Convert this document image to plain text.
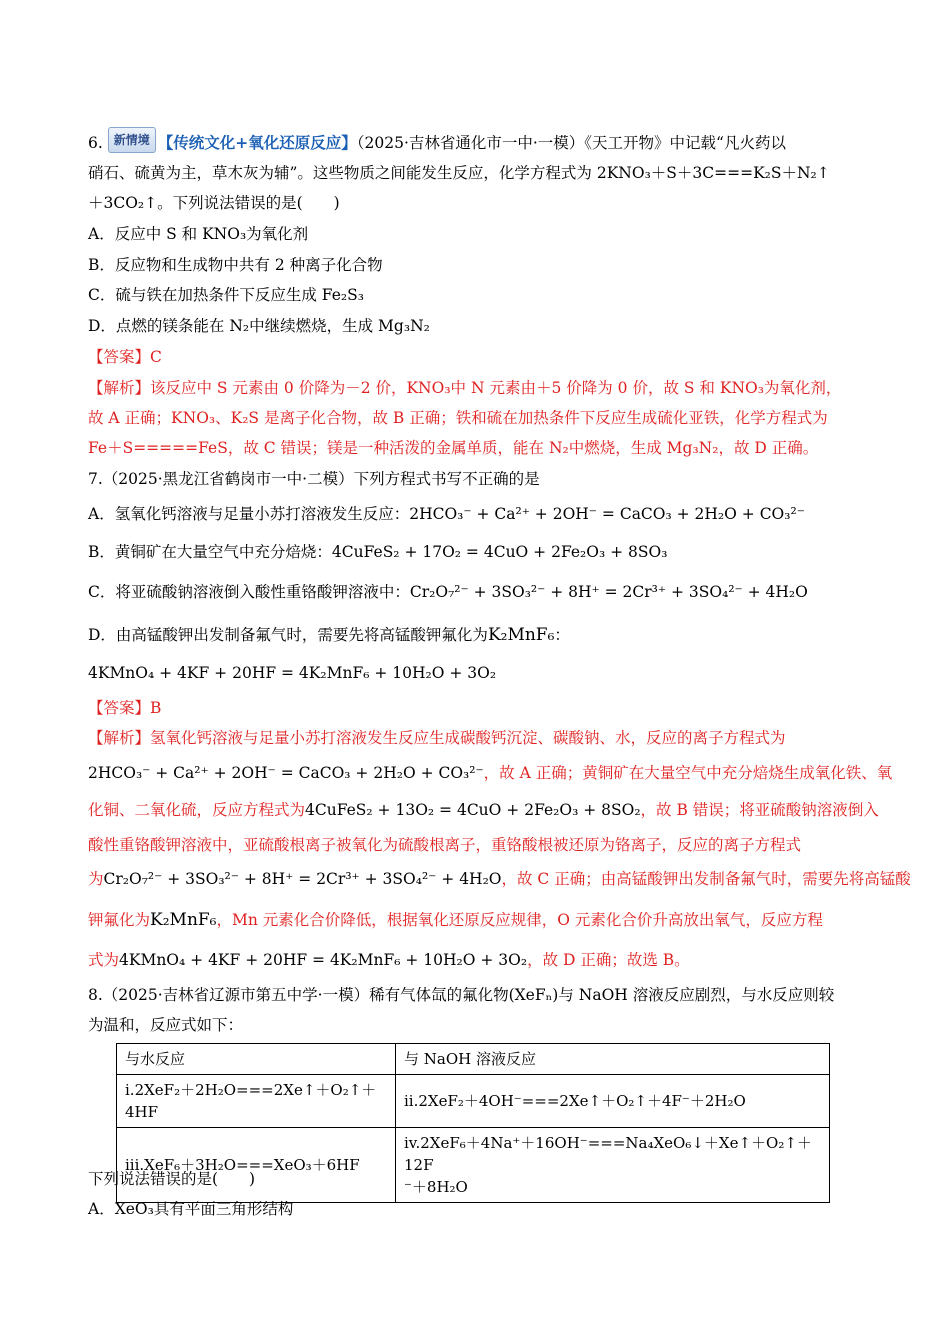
6. 新情境 【传统文化+氧化还原反应】（2025·吉林省通化市一中·一模）《天工开物》中记载“凡火药以
硝石、硫黄为主，草木灰为辅”。这些物质之间能发生反应，化学方程式为 2KNO₃＋S＋3C===K₂S＋N₂↑
＋3CO₂↑。下列说法错误的是(　　)
A．反应中 S 和 KNO₃为氧化剂
B．反应物和生成物中共有 2 种离子化合物
C．硫与铁在加热条件下反应生成 Fe₂S₃
D．点燃的镁条能在 N₂中继续燃烧，生成 Mg₃N₂
【答案】C
【解析】该反应中 S 元素由 0 价降为－2 价，KNO₃中 N 元素由＋5 价降为 0 价，故 S 和 KNO₃为氧化剂，
故 A 正确；KNO₃、K₂S 是离子化合物，故 B 正确；铁和硫在加热条件下反应生成硫化亚铁，化学方程式为
Fe＋S=====FeS，故 C 错误；镁是一种活泼的金属单质，能在 N₂中燃烧，生成 Mg₃N₂，故 D 正确。
7.（2025·黑龙江省鹤岗市一中·二模）下列方程式书写不正确的是
A．氢氧化钙溶液与足量小苏打溶液发生反应：2HCO₃⁻ + Ca²⁺ + 2OH⁻ = CaCO₃ + 2H₂O + CO₃²⁻
B．黄铜矿在大量空气中充分焙烧：4CuFeS₂ + 17O₂ = 4CuO + 2Fe₂O₃ + 8SO₃
C．将亚硫酸钠溶液倒入酸性重铬酸钾溶液中：Cr₂O₇²⁻ + 3SO₃²⁻ + 8H⁺ = 2Cr³⁺ + 3SO₄²⁻ + 4H₂O
D．由高锰酸钾出发制备氟气时，需要先将高锰酸钾氟化为K₂MnF₆：
4KMnO₄ + 4KF + 20HF = 4K₂MnF₆ + 10H₂O + 3O₂
【答案】B
【解析】氢氧化钙溶液与足量小苏打溶液发生反应生成碳酸钙沉淀、碳酸钠、水，反应的离子方程式为
2HCO₃⁻ + Ca²⁺ + 2OH⁻ = CaCO₃ + 2H₂O + CO₃²⁻，故 A 正确；黄铜矿在大量空气中充分焙烧生成氧化铁、氧
化铜、二氧化硫，反应方程式为4CuFeS₂ + 13O₂ = 4CuO + 2Fe₂O₃ + 8SO₂，故 B 错误；将亚硫酸钠溶液倒入
酸性重铬酸钾溶液中，亚硫酸根离子被氧化为硫酸根离子，重铬酸根被还原为铬离子，反应的离子方程式
为Cr₂O₇²⁻ + 3SO₃²⁻ + 8H⁺ = 2Cr³⁺ + 3SO₄²⁻ + 4H₂O，故 C 正确；由高锰酸钾出发制备氟气时，需要先将高锰酸
钾氟化为K₂MnF₆，Mn 元素化合价降低，根据氧化还原反应规律，O 元素化合价升高放出氧气，反应方程
式为4KMnO₄ + 4KF + 20HF = 4K₂MnF₆ + 10H₂O + 3O₂，故 D 正确；故选 B。
8.（2025·吉林省辽源市第五中学·一模）稀有气体氙的氟化物(XeFₙ)与 NaOH 溶液反应剧烈，与水反应则较
为温和，反应式如下：
与水反应	与 NaOH 溶液反应
i.2XeF₂＋2H₂O===2Xe↑＋O₂↑＋4HF	ii.2XeF₂＋4OH⁻===2Xe↑＋O₂↑＋4F⁻＋2H₂O
iii.XeF₆＋3H₂O===XeO₃＋6HF	iv.2XeF₆＋4Na⁺＋16OH⁻===Na₄XeO₆↓＋Xe↑＋O₂↑＋12F
⁻＋8H₂O
下列说法错误的是(　　)
A．XeO₃具有平面三角形结构
